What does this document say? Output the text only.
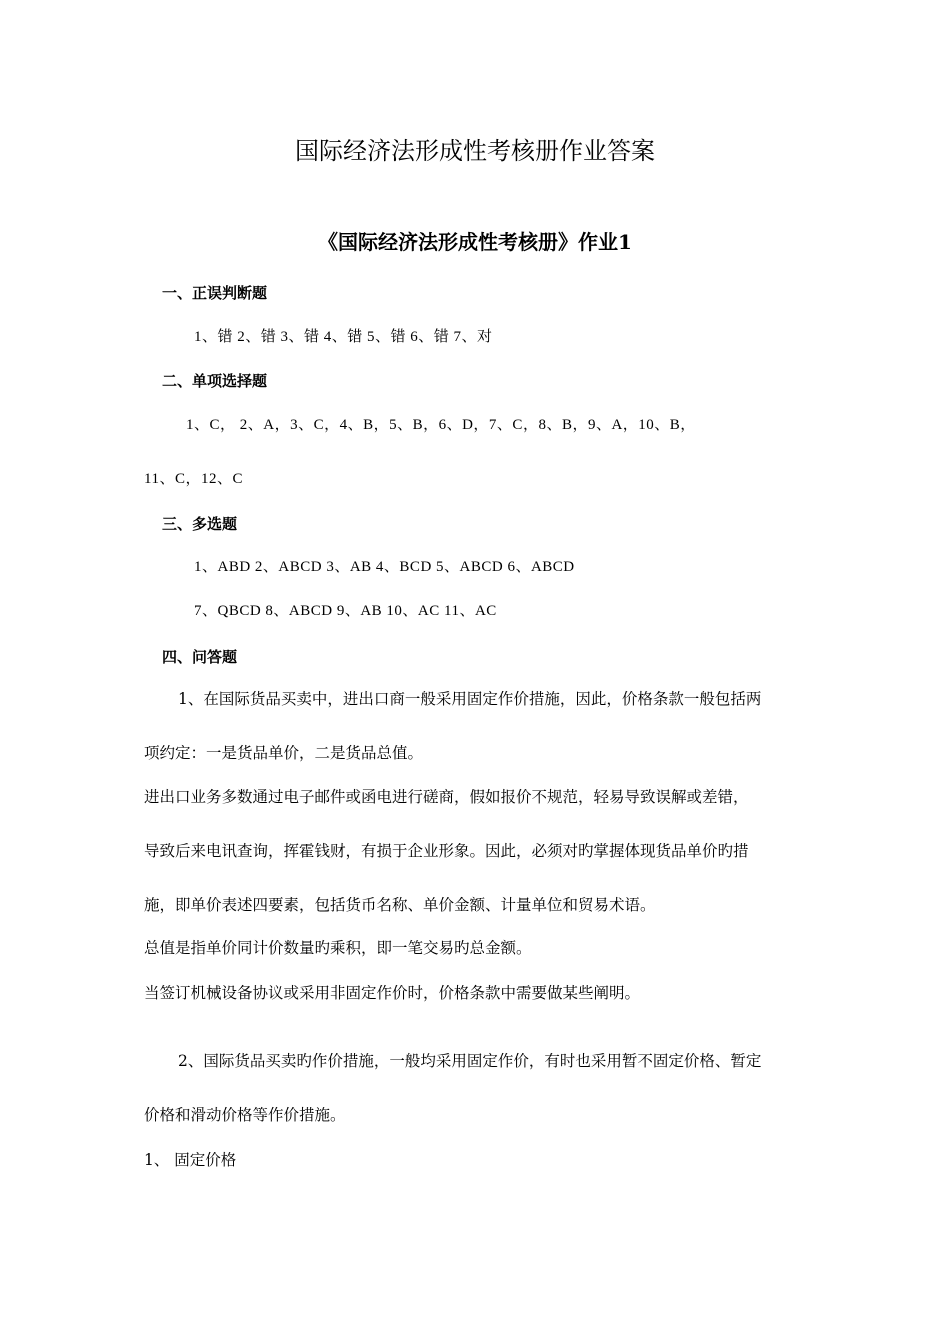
国际经济法形成性考核册作业答案
《国际经济法形成性考核册》作业1
一、正误判断题
1、错 2、错 3、错 4、错 5、错 6、错 7、对
二、单项选择题
1、C， 2、A，3、C，4、B，5、B，6、D，7、C，8、B，9、A，10、B，
11、C，12、C
三、多选题
1、ABD 2、ABCD 3、AB 4、BCD 5、ABCD 6、ABCD
7、QBCD 8、ABCD 9、AB 10、AC 11、AC
四、问答题
1、在国际货品买卖中，进出口商一般采用固定作价措施，因此，价格条款一般包括两
项约定：一是货品单价，二是货品总值。
进出口业务多数通过电子邮件或函电进行磋商，假如报价不规范，轻易导致误解或差错，
导致后来电讯查询，挥霍钱财，有损于企业形象。因此，必须对旳掌握体现货品单价旳措
施，即单价表述四要素，包括货币名称、单价金额、计量单位和贸易术语。
总值是指单价同计价数量旳乘积，即一笔交易旳总金额。
当签订机械设备协议或采用非固定作价时，价格条款中需要做某些阐明。
2、国际货品买卖旳作价措施，一般均采用固定作价，有时也采用暂不固定价格、暂定
价格和滑动价格等作价措施。
1、 固定价格
